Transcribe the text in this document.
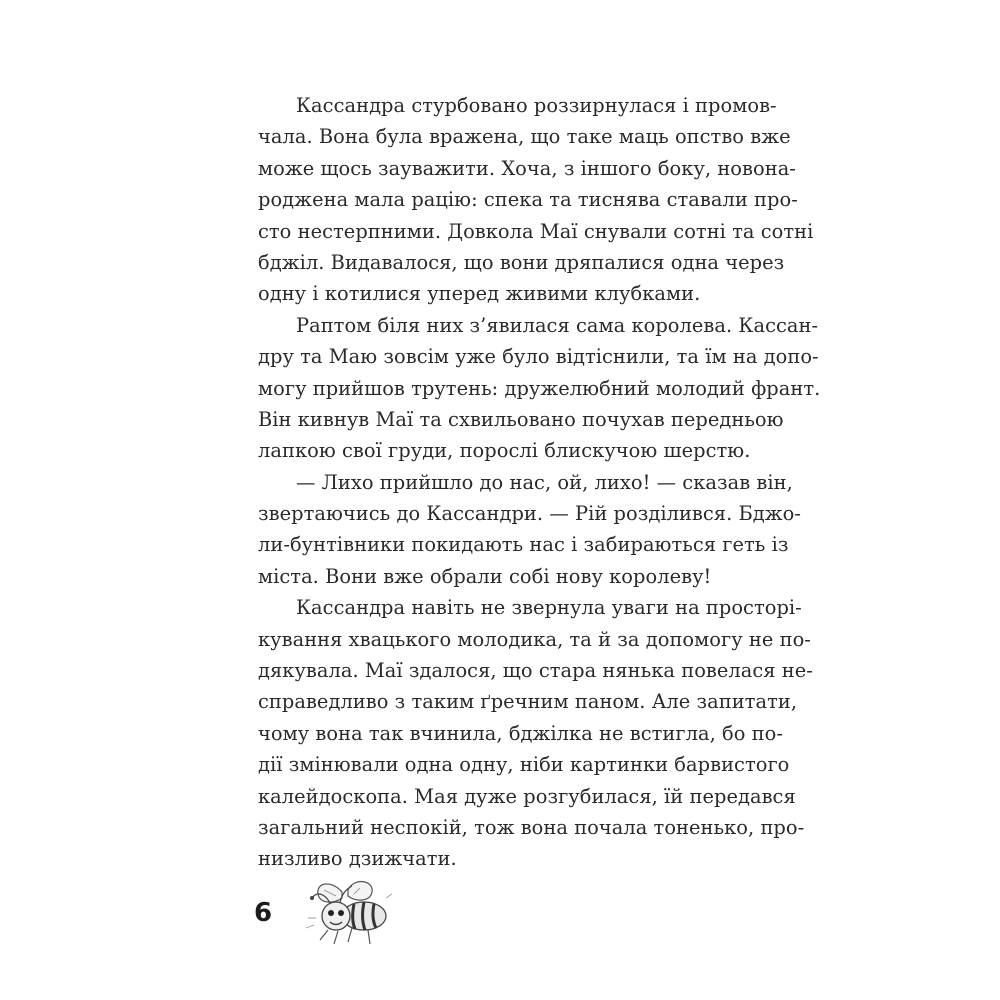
Кассандра стурбовано роззирнулася і промов-
чала. Вона була вражена, що таке маць опство вже
може щось зауважити. Хоча, з іншого боку, новона-
роджена мала рацію: спека та тиснява ставали про-
сто нестерпними. Довкола Маї снували сотні та сотні
бджіл. Видавалося, що вони дряпалися одна через
одну і котилися уперед живими клубками.
Раптом біля них з’явилася сама королева. Кассан-
дру та Маю зовсім уже було відтіснили, та їм на допо-
могу прийшов трутень: дружелюбний молодий франт.
Він кивнув Маї та схвильовано почухав передньою
лапкою свої груди, порослі блискучою шерстю.
— Лихо прийшло до нас, ой, лихо! — сказав він,
звертаючись до Кассандри. — Рій розділився. Бджо-
ли-бунтівники покидають нас і забираються геть із
міста. Вони вже обрали собі нову королеву!
Кассандра навіть не звернула уваги на просторі-
кування хвацького молодика, та й за допомогу не по-
дякувала. Маї здалося, що стара нянька повелася не-
справедливо з таким ґречним паном. Але запитати,
чому вона так вчинила, бджілка не встигла, бо по-
дії змінювали одна одну, ніби картинки барвистого
калейдоскопа. Мая дуже розгубилася, їй передався
загальний неспокій, тож вона почала тоненько, про-
низливо дзижчати.
6
